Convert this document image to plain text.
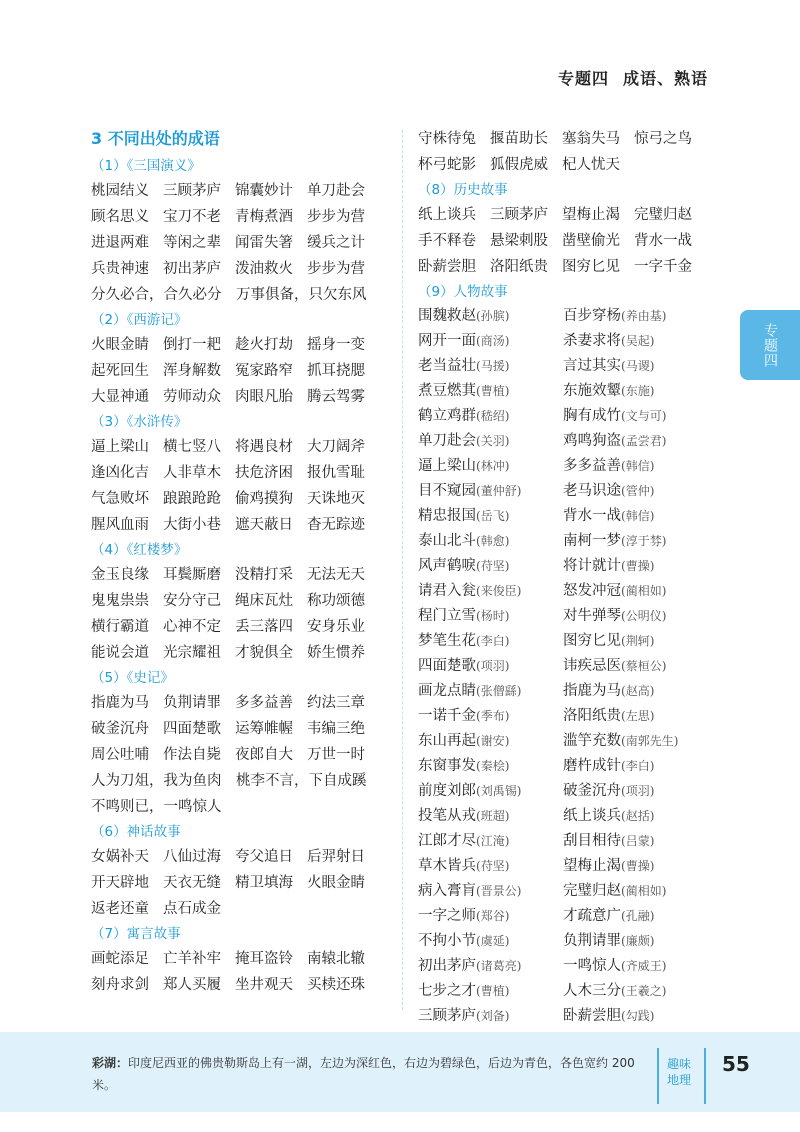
专题四 成语、熟语
专题四
3 不同出处的成语
（1）《三国演义》
桃园结义 三顾茅庐 锦囊妙计 单刀赴会
顾名思义 宝刀不老 青梅煮酒 步步为营
进退两难 等闲之辈 闻雷失箸 缓兵之计
兵贵神速 初出茅庐 泼油救火 步步为营
分久必合，合久必分　万事俱备，只欠东风
（2）《西游记》
火眼金睛 倒打一耙 趁火打劫 摇身一变
起死回生 浑身解数 冤家路窄 抓耳挠腮
大显神通 劳师动众 肉眼凡胎 腾云驾雾
（3）《水浒传》
逼上梁山 横七竖八 将遇良材 大刀阔斧
逢凶化吉 人非草木 扶危济困 报仇雪耻
气急败坏 踉踉跄跄 偷鸡摸狗 天诛地灭
腥风血雨 大街小巷 遮天蔽日 杳无踪迹
（4）《红楼梦》
金玉良缘 耳鬓厮磨 没精打采 无法无天
鬼鬼祟祟 安分守己 绳床瓦灶 称功颂德
横行霸道 心神不定 丢三落四 安身乐业
能说会道 光宗耀祖 才貌俱全 娇生惯养
（5）《史记》
指鹿为马 负荆请罪 多多益善 约法三章
破釜沉舟 四面楚歌 运筹帷幄 韦编三绝
周公吐哺 作法自毙 夜郎自大 万世一时
人为刀俎，我为鱼肉　桃李不言，下自成蹊
不鸣则已，一鸣惊人
（6）神话故事
女娲补天 八仙过海 夸父追日 后羿射日
开天辟地 天衣无缝 精卫填海 火眼金睛
返老还童 点石成金
（7）寓言故事
画蛇添足 亡羊补牢 掩耳盗铃 南辕北辙
刻舟求剑 郑人买履 坐井观天 买椟还珠
守株待兔 揠苗助长 塞翁失马 惊弓之鸟
杯弓蛇影 狐假虎威 杞人忧天
（8）历史故事
纸上谈兵 三顾茅庐 望梅止渴 完璧归赵
手不释卷 悬梁刺股 凿壁偷光 背水一战
卧薪尝胆 洛阳纸贵 图穷匕见 一字千金
（9）人物故事
围魏救赵(孙膑)	百步穿杨(养由基)
网开一面(商汤)	杀妻求将(吴起)
老当益壮(马援)	言过其实(马谡)
煮豆燃萁(曹植)	东施效颦(东施)
鹤立鸡群(嵇绍)	胸有成竹(文与可)
单刀赴会(关羽)	鸡鸣狗盗(孟尝君)
逼上梁山(林冲)	多多益善(韩信)
目不窥园(董仲舒)	老马识途(管仲)
精忠报国(岳飞)	背水一战(韩信)
泰山北斗(韩愈)	南柯一梦(淳于棼)
风声鹤唳(苻坚)	将计就计(曹操)
请君入瓮(来俊臣)	怒发冲冠(蔺相如)
程门立雪(杨时)	对牛弹琴(公明仪)
梦笔生花(李白)	图穷匕见(荆轲)
四面楚歌(项羽)	讳疾忌医(蔡桓公)
画龙点睛(张僧繇)	指鹿为马(赵高)
一诺千金(季布)	洛阳纸贵(左思)
东山再起(谢安)	滥竽充数(南郭先生)
东窗事发(秦桧)	磨杵成针(李白)
前度刘郎(刘禹锡)	破釜沉舟(项羽)
投笔从戎(班超)	纸上谈兵(赵括)
江郎才尽(江淹)	刮目相待(吕蒙)
草木皆兵(苻坚)	望梅止渴(曹操)
病入膏肓(晋景公)	完璧归赵(蔺相如)
一字之师(郑谷)	才疏意广(孔融)
不拘小节(虞延)	负荆请罪(廉颇)
初出茅庐(诸葛亮)	一鸣惊人(齐威王)
七步之才(曹植)	人木三分(王羲之)
三顾茅庐(刘备)	卧薪尝胆(勾践)
彩湖：印度尼西亚的佛贵勒斯岛上有一湖，左边为深红色，右边为碧绿色，后边为青色，各色宽约 200 米。
趣味地理
55
